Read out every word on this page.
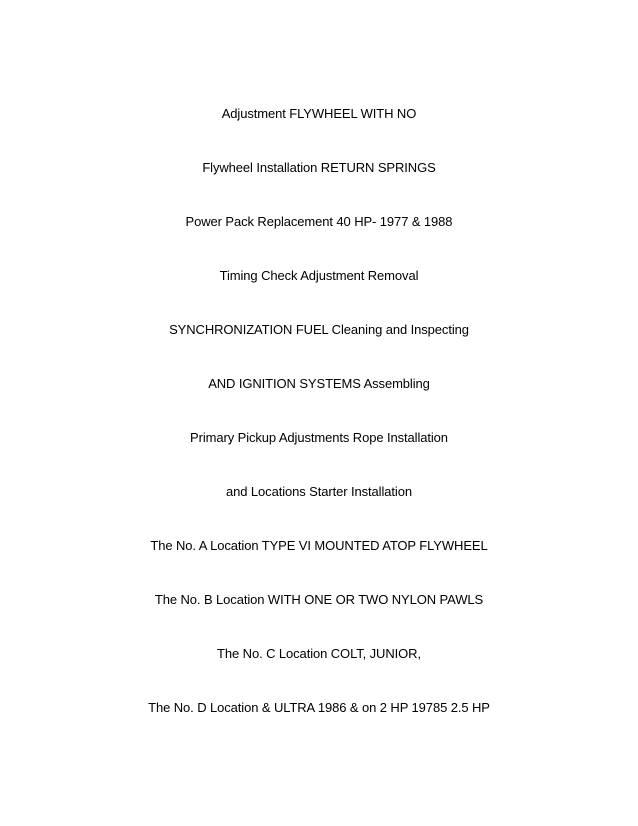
Adjustment FLYWHEEL WITH NO
Flywheel Installation RETURN SPRINGS
Power Pack Replacement 40 HP- 1977 & 1988
Timing Check Adjustment Removal
SYNCHRONIZATION FUEL Cleaning and Inspecting
AND IGNITION SYSTEMS Assembling
Primary Pickup Adjustments Rope Installation
and Locations Starter Installation
The No. A Location TYPE VI MOUNTED ATOP FLYWHEEL
The No. B Location WITH ONE OR TWO NYLON PAWLS
The No. C Location COLT, JUNIOR,
The No. D Location & ULTRA 1986 & on 2 HP 19785 2.5 HP
